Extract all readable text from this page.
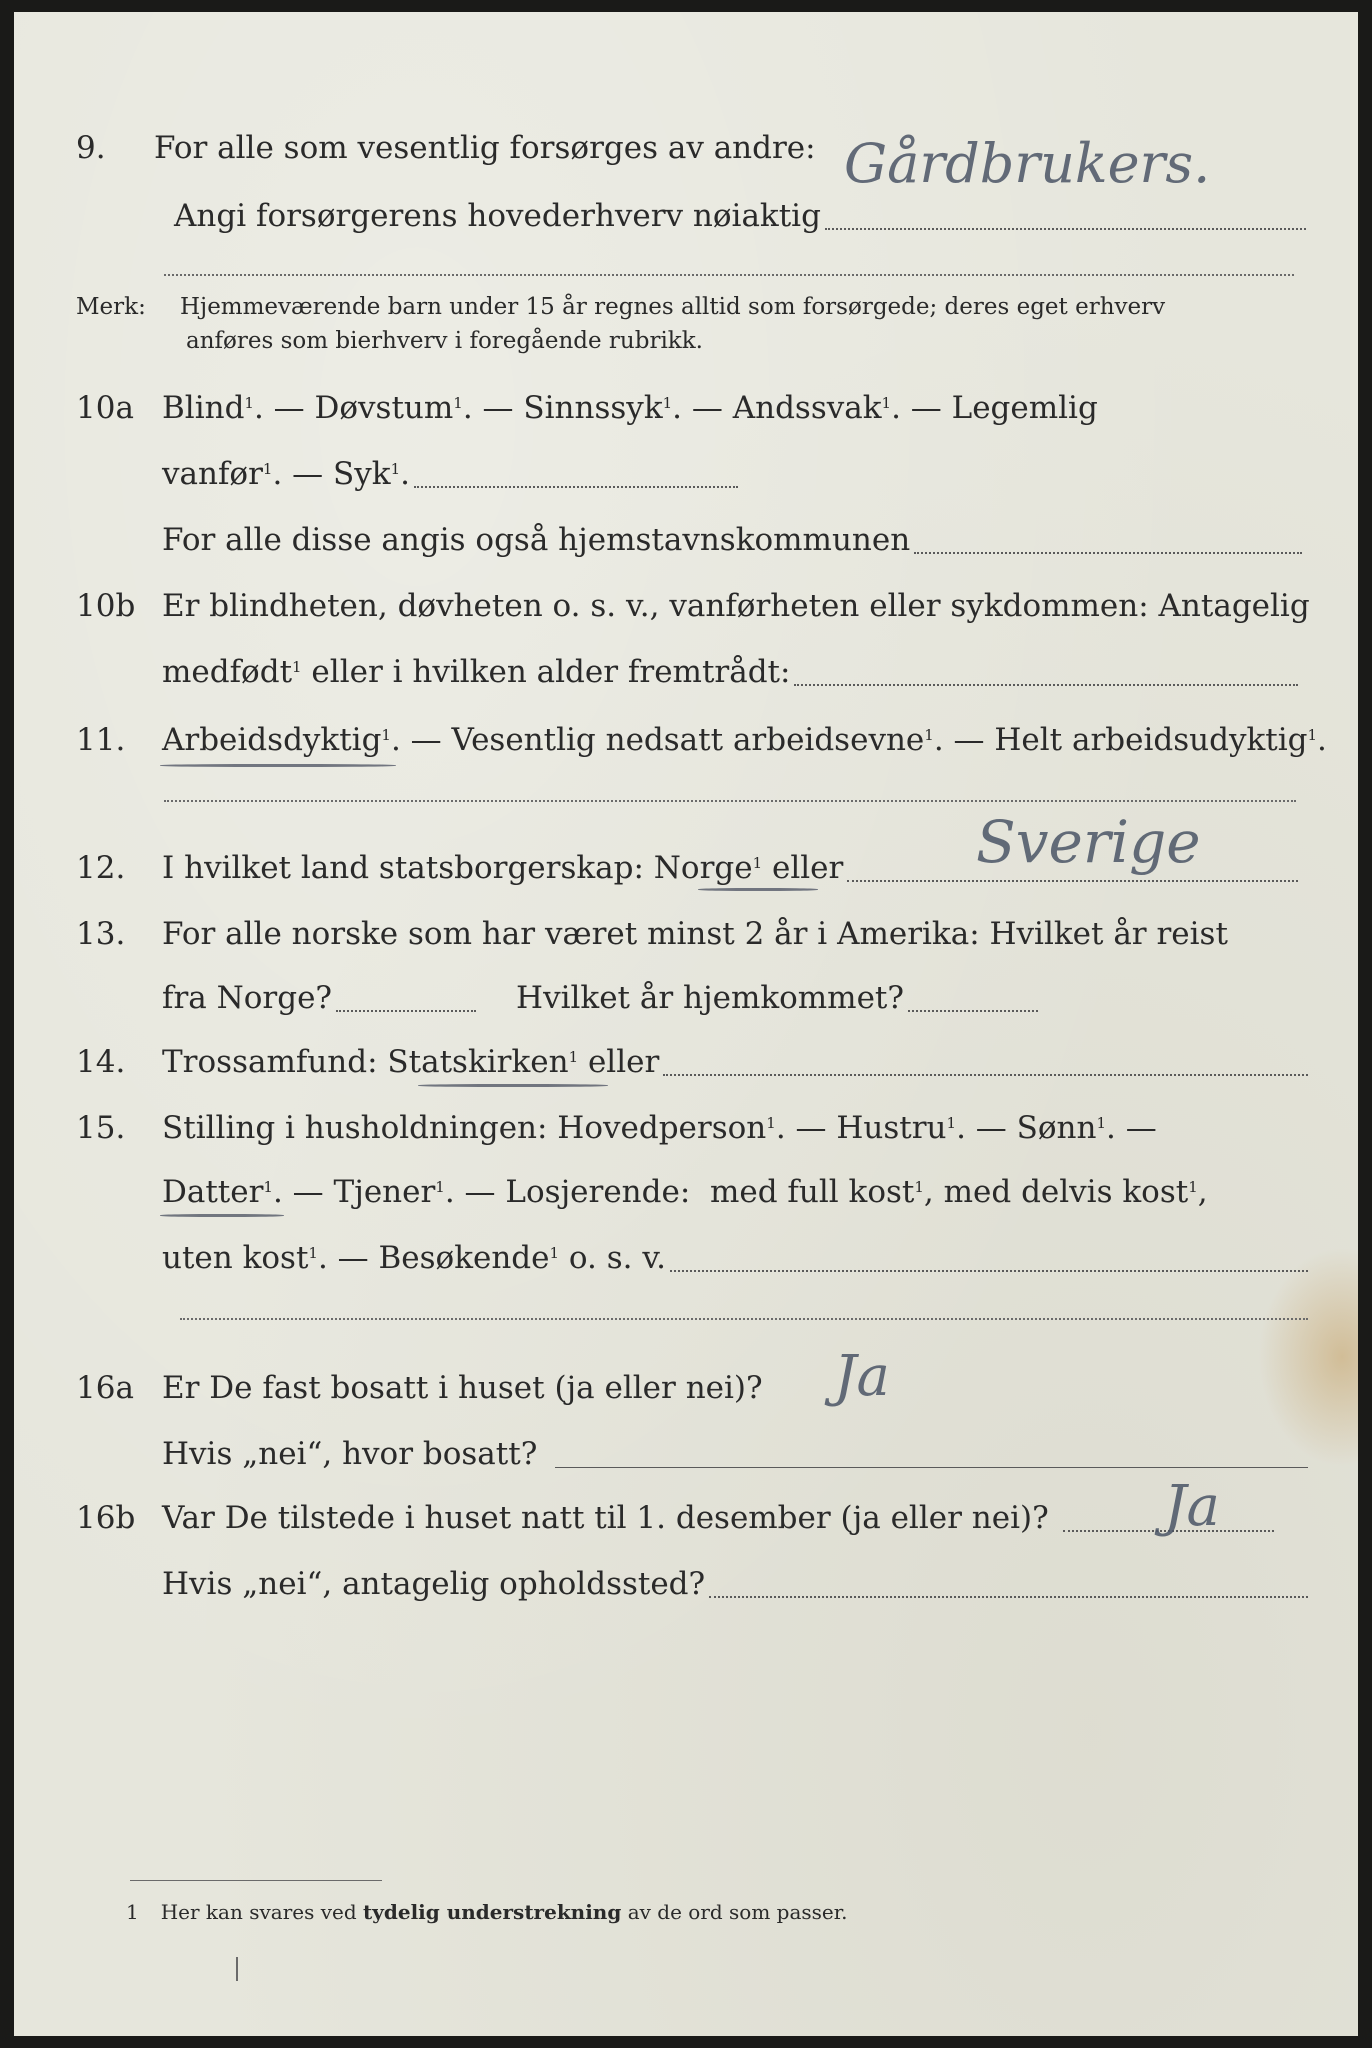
9. For alle som vesentlig forsørges av andre:
Angi forsørgerens hovederhverv nøiaktig
Gårdbrukers.
Merk: Hjemmeværende barn under 15 år regnes alltid som forsørgede; deres eget erhverv
anføres som bierhverv i foregående rubrikk.
10a Blind$^1$. — Døvstum$^1$. — Sinnssyk$^1$. — Andssvak$^1$. — Legemlig
vanfør$^1$. — Syk$^1$.
For alle disse angis også hjemstavnskommunen
10b Er blindheten, døvheten o. s. v., vanførheten eller sykdommen: Antagelig
medfødt$^1$ eller i hvilken alder fremtrådt:
11. Arbeidsdyktig$^1$. — Vesentlig nedsatt arbeidsevne$^1$. — Helt arbeidsudyktig$^1$.
12. I hvilket land statsborgerskap: Norge$^1$ eller Sverige
13. For alle norske som har været minst 2 år i Amerika: Hvilket år reist
fra Norge?	Hvilket år hjemkommet?
14. Trossamfund: Statskirken$^1$ eller
15. Stilling i husholdningen: Hovedperson$^1$. — Hustru$^1$. — Sønn$^1$. —
Datter$^1$. — Tjener$^1$. — Losjerende:  med full kost$^1$, med delvis kost$^1$,
uten kost$^1$. — Besøkende$^1$ o. s. v.
16a Er De fast bosatt i huset (ja eller nei)? Ja
Hvis „nei“, hvor bosatt?
16b Var De tilstede i huset natt til 1. desember (ja eller nei)? Ja
Hvis „nei“, antagelig opholdssted?
1 Her kan svares ved tydelig understrekning av de ord som passer.
